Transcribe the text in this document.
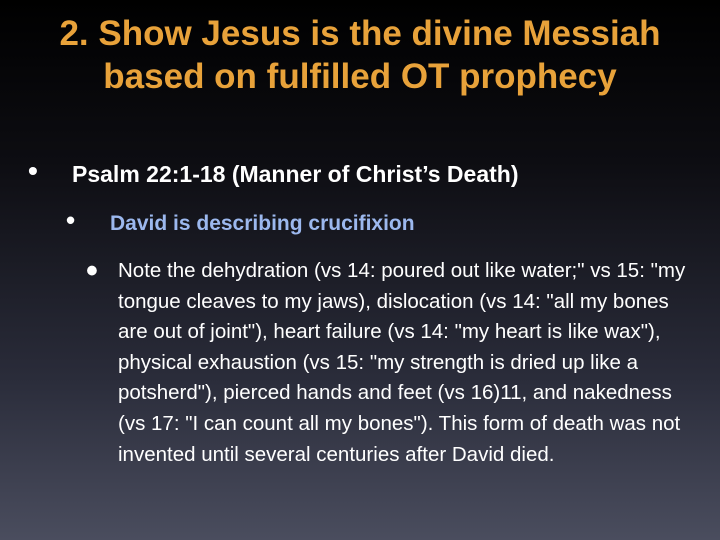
2. Show Jesus is the divine Messiah based on fulfilled OT prophecy
•	Psalm 22:1-18 (Manner of Christ’s Death)
•	David is describing crucifixion
• Note the dehydration (vs 14: poured out like water;" vs 15: "my tongue cleaves to my jaws), dislocation (vs 14: "all my bones are out of joint"), heart failure (vs 14: "my heart is like wax"), physical exhaustion (vs 15: "my strength is dried up like a potsherd"), pierced hands and feet (vs 16)11, and nakedness (vs 17: "I can count all my bones"). This form of death was not invented until several centuries after David died.
